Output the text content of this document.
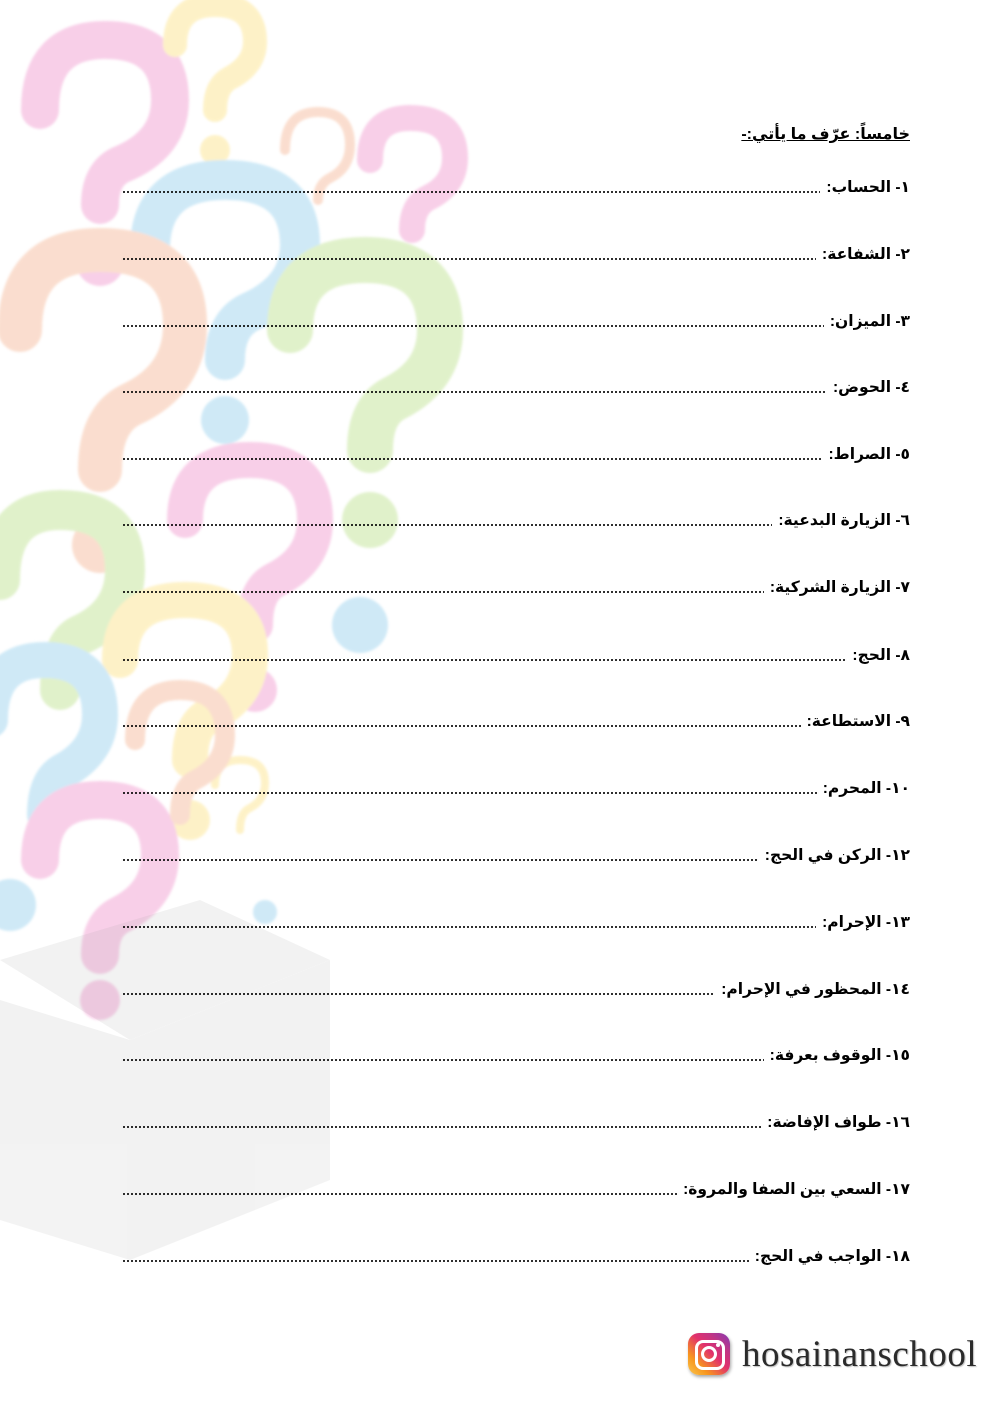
خامساً: عرّف ما يأتي:-
١- الحساب:
٢- الشفاعة:
٣- الميزان:
٤- الحوض:
٥- الصراط:
٦- الزيارة البدعية:
٧- الزيارة الشركية:
٨- الحج:
٩- الاستطاعة:
١٠- المحرم:
١٢- الركن في الحج:
١٣- الإحرام:
١٤- المحظور في الإحرام:
١٥- الوقوف بعرفة:
١٦- طواف الإفاضة:
١٧- السعي بين الصفا والمروة:
١٨- الواجب في الحج:
hosainanschool
